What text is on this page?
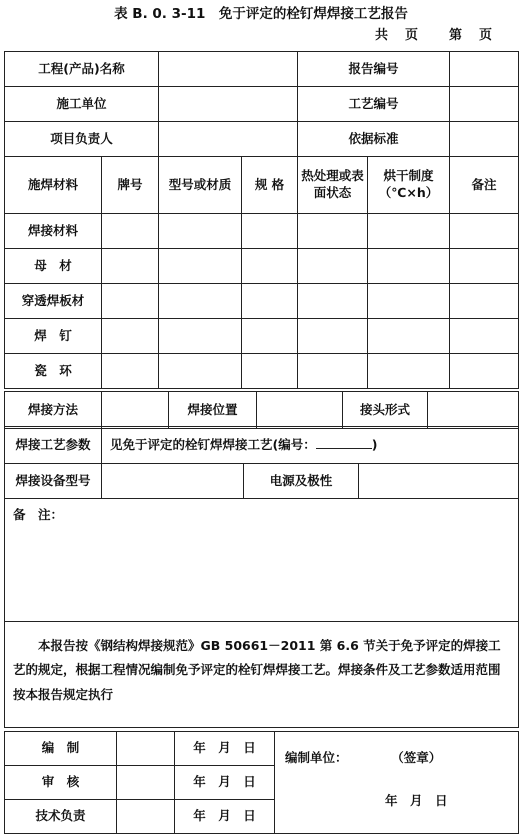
表 B. 0. 3-11　免于评定的栓钉焊焊接工艺报告
共 页 第 页
工程(产品)名称				报告编号		
施工单位				工艺编号		
项目负责人				依据标准		
施焊材料	牌号	型号或材质	规 格	热处理或表面状态	烘干制度（℃×h）	备注
焊接材料						
母　材						
穿透焊板材						
焊　钉						
瓷　环						
焊接方法		焊接位置		接头形式	
焊接工艺参数	见免于评定的栓钉焊焊接工艺(编号： )		
焊接设备型号		电源及极性	
备　注：			

本报告按《钢结构焊接规范》GB 50661－2011 第 6.6 节关于免予评定的焊接工艺的规定，根据工程情况编制免予评定的栓钉焊焊接工艺。焊接条件及工艺参数适用范围按本报告规定执行			
编　制		年　月　日	编制单位： （签章）
年　月　日

审　核		年　月　日	
技术负责		年　月　日	
